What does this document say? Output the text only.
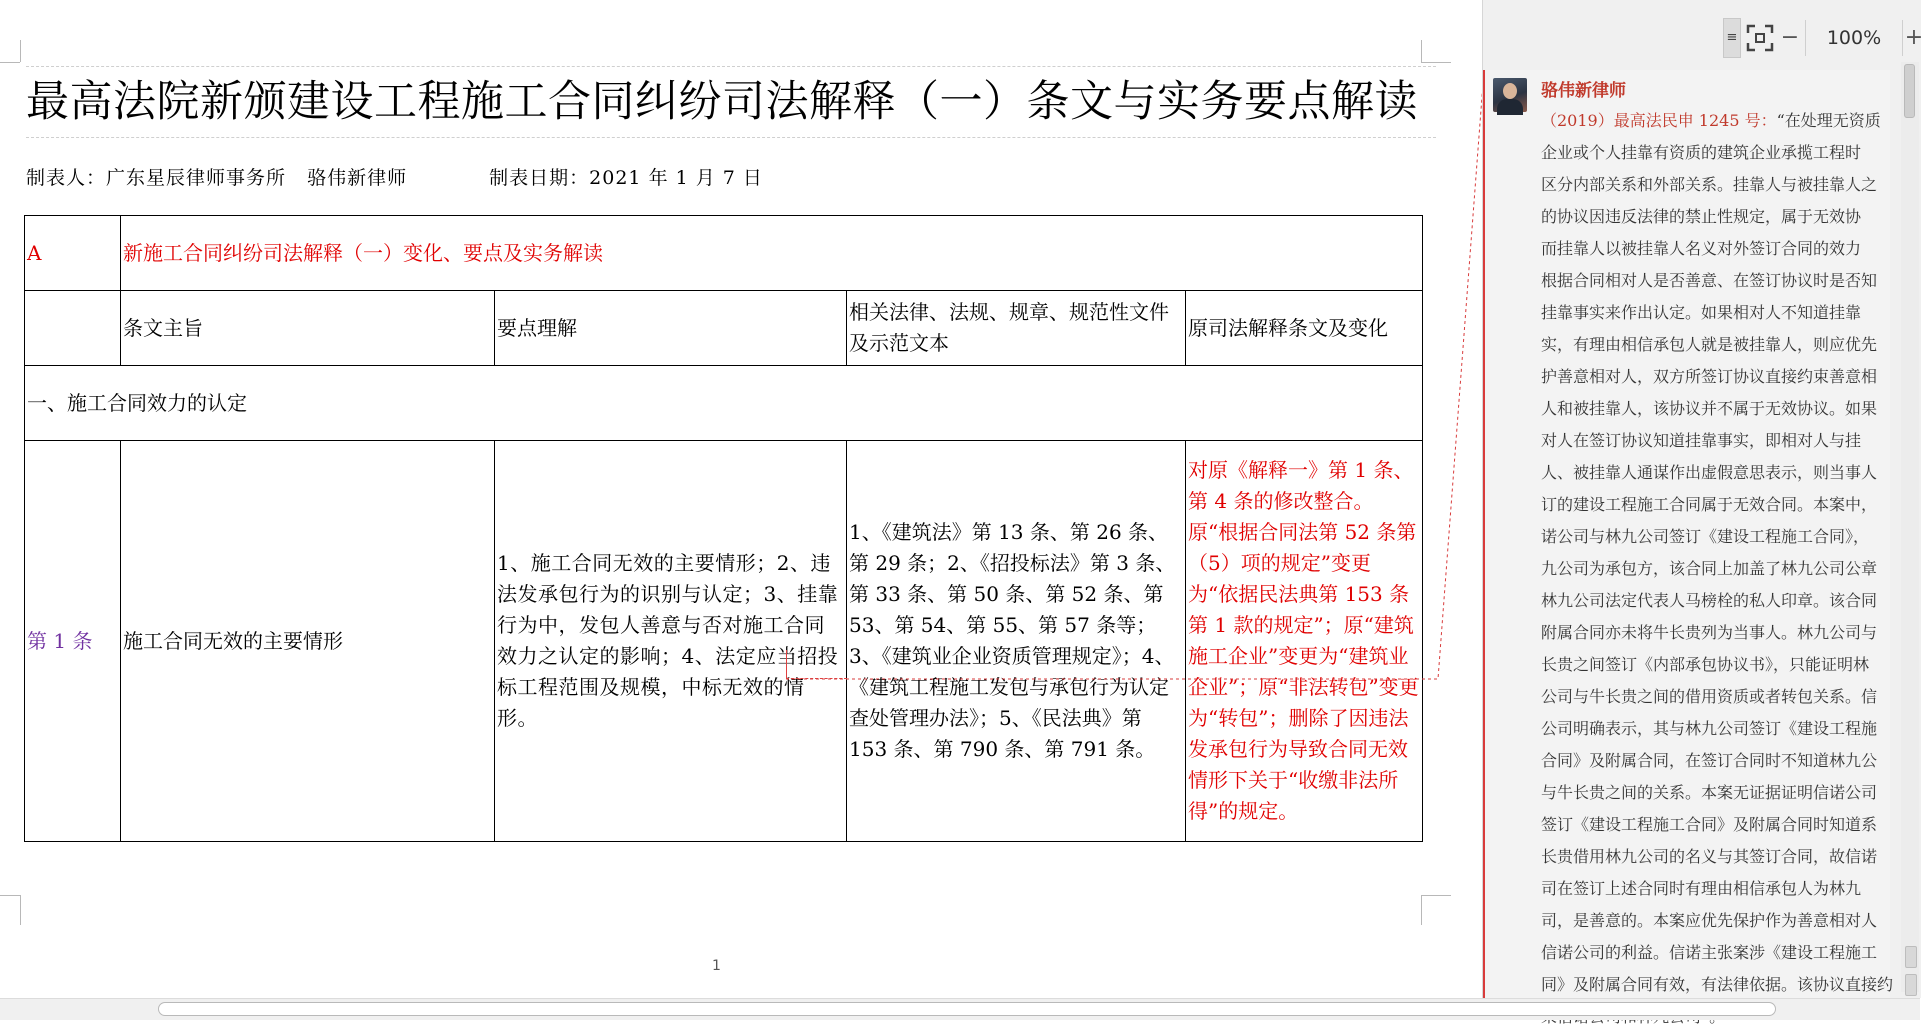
最高法院新颁建设工程施工合同纠纷司法解释（一）条文与实务要点解读
制表人：广东星辰律师事务所 骆伟新律师	制表日期：2021 年 1 月 7 日
A	新施工合同纠纷司法解释（一）变化、要点及实务解读			
	条文主旨	要点理解	相关法律、法规、规章、规范性文件及示范文本	原司法解释条文及变化
一、施工合同效力的认定				
第 1 条	施工合同无效的主要情形	1、施工合同无效的主要情形；2、违法发承包行为的识别与认定；3、挂靠行为中，发包人善意与否对施工合同效力之认定的影响；4、法定应当招投标工程范围及规模，中标无效的情形。	1、《建筑法》第 13 条、第 26 条、第 29 条；2、《招投标法》第 3 条、第 33 条、第 50 条、第 52 条、第 53、第 54、第 55、第 57 条等；3、《建筑业企业资质管理规定》；4、《建筑工程施工发包与承包行为认定查处管理办法》；5、《民法典》第 153 条、第 790 条、第 791 条。	对原《解释一》第 1 条、第 4 条的修改整合。原“根据合同法第 52 条第（5）项的规定”变更为“依据民法典第 153 条第 1 款的规定”；原“建筑施工企业”变更为“建筑业企业”；原“非法转包”变更为“转包”；删除了因违法发承包行为导致合同无效情形下关于“收缴非法所得”的规定。
1
≡ −	100%	+
骆伟新律师
（2019）最高法民申 1245 号：“在处理无资质
企业或个人挂靠有资质的建筑企业承揽工程时
区分内部关系和外部关系。挂靠人与被挂靠人之
的协议因违反法律的禁止性规定，属于无效协
而挂靠人以被挂靠人名义对外签订合同的效力
根据合同相对人是否善意、在签订协议时是否知
挂靠事实来作出认定。如果相对人不知道挂靠
实，有理由相信承包人就是被挂靠人，则应优先
护善意相对人，双方所签订协议直接约束善意相
人和被挂靠人，该协议并不属于无效协议。如果
对人在签订协议知道挂靠事实，即相对人与挂
人、被挂靠人通谋作出虚假意思表示，则当事人
订的建设工程施工合同属于无效合同。本案中，
诺公司与林九公司签订《建设工程施工合同》，
九公司为承包方，该合同上加盖了林九公司公章
林九公司法定代表人马榜栓的私人印章。该合同
附属合同亦未将牛长贵列为当事人。林九公司与
长贵之间签订《内部承包协议书》，只能证明林
公司与牛长贵之间的借用资质或者转包关系。信
公司明确表示，其与林九公司签订《建设工程施
合同》及附属合同，在签订合同时不知道林九公
与牛长贵之间的关系。本案无证据证明信诺公司
签订《建设工程施工合同》及附属合同时知道系
长贵借用林九公司的名义与其签订合同，故信诺
司在签订上述合同时有理由相信承包人为林九
司，是善意的。本案应优先保护作为善意相对人
信诺公司的利益。信诺主张案涉《建设工程施工
同》及附属合同有效，有法律依据。该协议直接约
